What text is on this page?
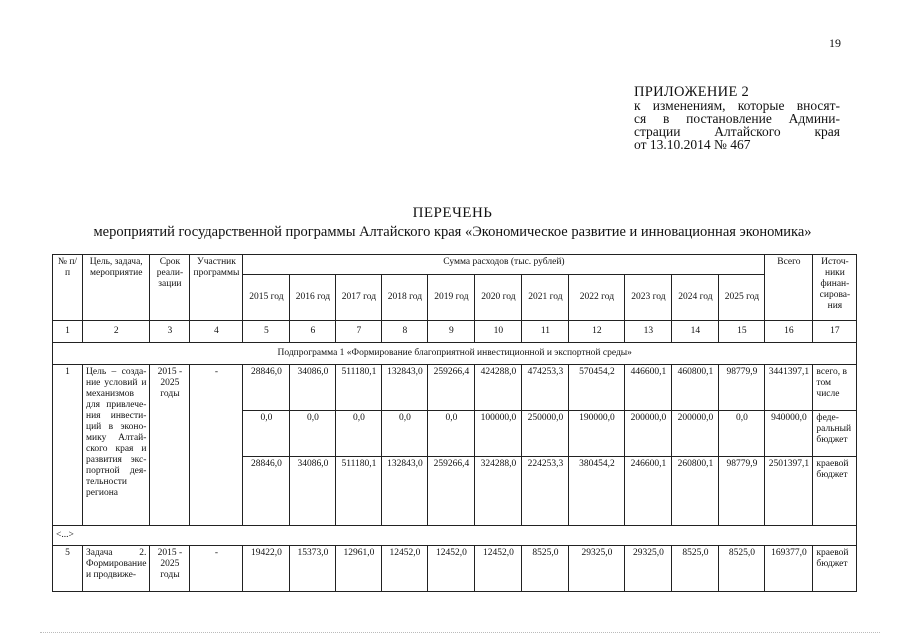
19
ПРИЛОЖЕНИЕ 2
к изменениям, которые вносят-
ся в постановление Админи-
страции Алтайского края
от 13.10.2014 № 467
ПЕРЕЧЕНЬ
мероприятий государственной программы Алтайского края «Экономическое развитие и инновационная экономика»
№ п/п	Цель, задача, мероприятие	Срок реали-зации	Участник программы	Сумма расходов (тыс. рублей)											Всего	Источ-ники финан-сирова-ния
				2015 год	2016 год	2017 год	2018 год	2019 год	2020 год	2021 год	2022 год	2023 год	2024 год	2025 год		
1	2	3	4	5	6	7	8	9	10	11	12	13	14	15	16	17
Подпрограмма 1 «Формирование благоприятной инвестиционной и экспортной среды»																
1	Цель – созда-ние условий и механизмов для привлече-ния инвести-ций в эконо-мику Алтай-ского края и развития экс-портной дея-тельности региона	2015 - 2025 годы	-	28846,0	34086,0	511180,1	132843,0	259266,4	424288,0	474253,3	570454,2	446600,1	460800,1	98779,9	3441397,1	всего, в том числе
				0,0	0,0	0,0	0,0	0,0	100000,0	250000,0	190000,0	200000,0	200000,0	0,0	940000,0	феде-ральный бюджет
				28846,0	34086,0	511180,1	132843,0	259266,4	324288,0	224253,3	380454,2	246600,1	260800,1	98779,9	2501397,1	краевой бюджет
<...>																
5	Задача 2. Формирование и продвиже-	2015 - 2025 годы	-	19422,0	15373,0	12961,0	12452,0	12452,0	12452,0	8525,0	29325,0	29325,0	8525,0	8525,0	169377,0	краевой бюджет
